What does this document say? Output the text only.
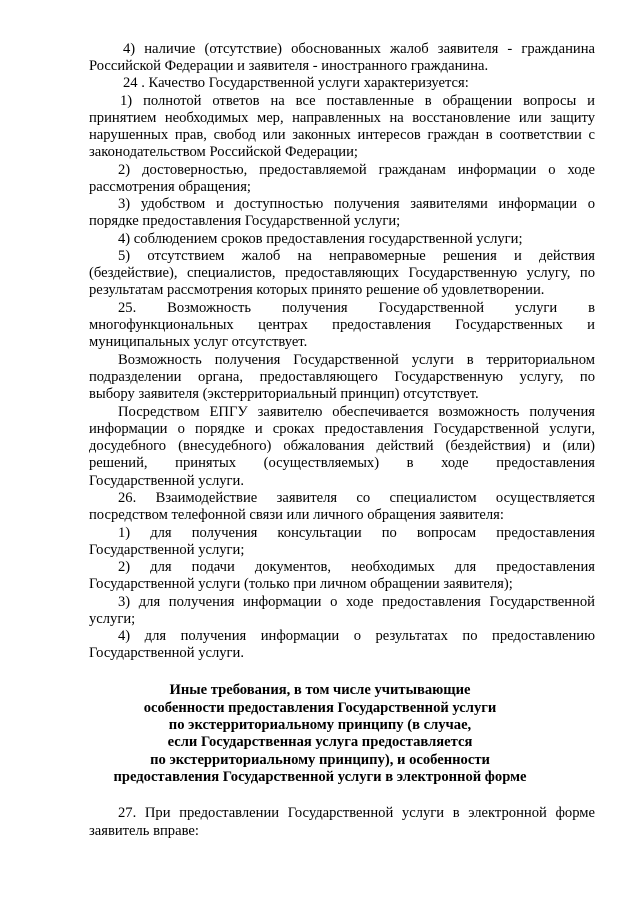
4) наличие (отсутствие) обоснованных жалоб заявителя - гражданина
Российской Федерации и заявителя - иностранного гражданина.
24 . Качество Государственной услуги характеризуется:
1) полнотой ответов на все поставленные в обращении вопросы и
принятием необходимых мер, направленных на восстановление или защиту
нарушенных прав, свобод или законных интересов граждан в соответствии с
законодательством Российской Федерации;
2) достоверностью, предоставляемой гражданам информации о ходе
рассмотрения обращения;
3) удобством и доступностью получения заявителями информации о
порядке предоставления Государственной услуги;
4) соблюдением сроков предоставления государственной услуги;
5) отсутствием жалоб на неправомерные решения и действия
(бездействие), специалистов, предоставляющих Государственную услугу, по
результатам рассмотрения которых принято решение об удовлетворении.
25. Возможность получения Государственной услуги в
многофункциональных центрах предоставления Государственных и
муниципальных услуг отсутствует.
Возможность получения Государственной услуги в территориальном
подразделении органа, предоставляющего Государственную услугу, по
выбору заявителя (экстерриториальный принцип) отсутствует.
Посредством ЕПГУ заявителю обеспечивается возможность получения
информации о порядке и сроках предоставления Государственной услуги,
досудебного (внесудебного) обжалования действий (бездействия) и (или)
решений, принятых (осуществляемых) в ходе предоставления
Государственной услуги.
26. Взаимодействие заявителя со специалистом осуществляется
посредством телефонной связи или личного обращения заявителя:
1) для получения консультации по вопросам предоставления
Государственной услуги;
2) для подачи документов, необходимых для предоставления
Государственной услуги (только при личном обращении заявителя);
3) для получения информации о ходе предоставления Государственной
услуги;
4) для получения информации о результатах по предоставлению
Государственной услуги.
Иные требования, в том числе учитывающие
особенности предоставления Государственной услуги
по экстерриториальному принципу (в случае,
если Государственная услуга предоставляется
по экстерриториальному принципу), и особенности
предоставления Государственной услуги в электронной форме
27. При предоставлении Государственной услуги в электронной форме
заявитель вправе:
